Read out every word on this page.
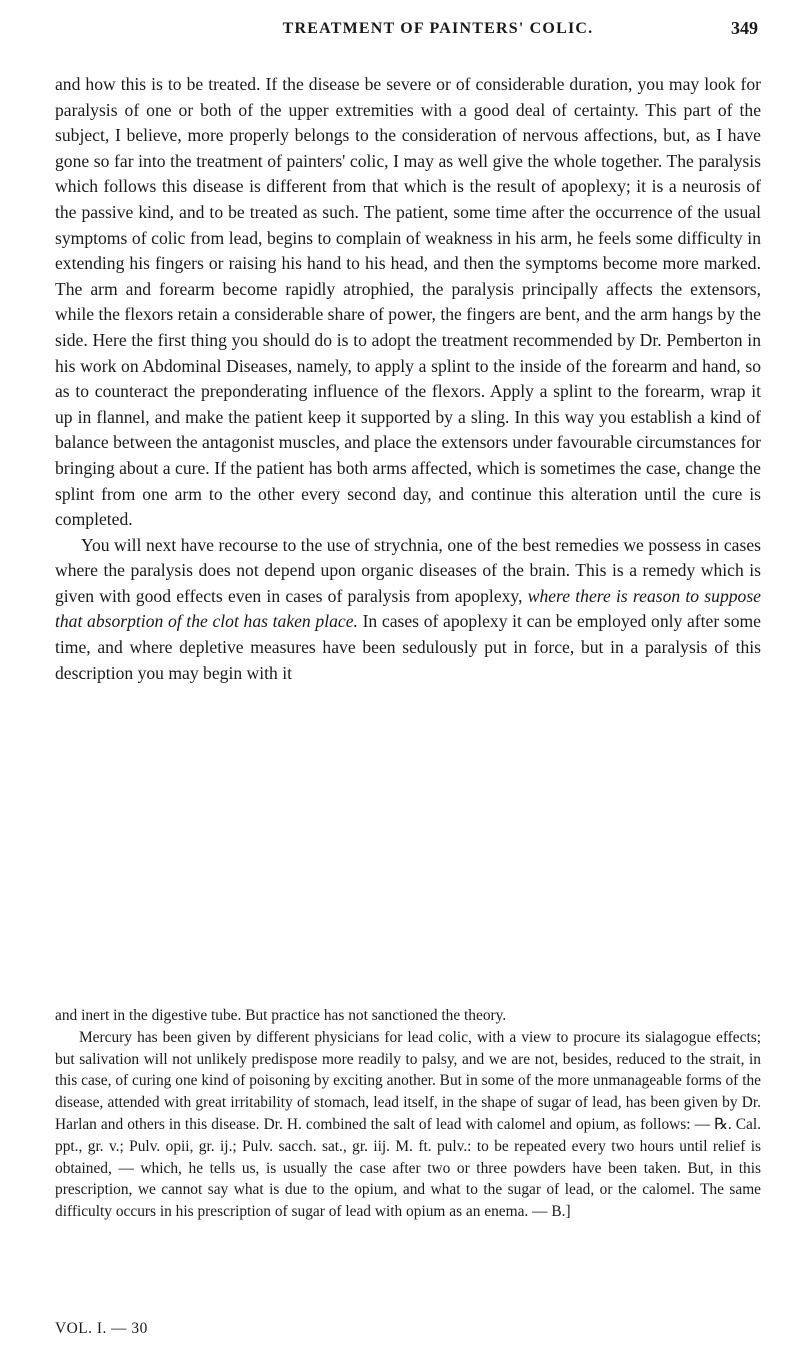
TREATMENT OF PAINTERS' COLIC.	349

and how this is to be treated. If the disease be severe or of considerable duration, you may look for paralysis of one or both of the upper extremities with a good deal of certainty. This part of the subject, I believe, more properly belongs to the consideration of nervous affections, but, as I have gone so far into the treatment of painters' colic, I may as well give the whole together. The paralysis which follows this disease is different from that which is the result of apoplexy; it is a neurosis of the passive kind, and to be treated as such. The patient, some time after the occurrence of the usual symptoms of colic from lead, begins to complain of weakness in his arm, he feels some difficulty in extending his fingers or raising his hand to his head, and then the symptoms become more marked. The arm and forearm become rapidly atrophied, the paralysis principally affects the extensors, while the flexors retain a considerable share of power, the fingers are bent, and the arm hangs by the side. Here the first thing you should do is to adopt the treatment recommended by Dr. Pemberton in his work on Abdominal Diseases, namely, to apply a splint to the inside of the forearm and hand, so as to counteract the preponderating influence of the flexors. Apply a splint to the forearm, wrap it up in flannel, and make the patient keep it supported by a sling. In this way you establish a kind of balance between the antagonist muscles, and place the extensors under favourable circumstances for bringing about a cure. If the patient has both arms affected, which is sometimes the case, change the splint from one arm to the other every second day, and continue this alteration until the cure is completed.

You will next have recourse to the use of strychnia, one of the best remedies we possess in cases where the paralysis does not depend upon organic diseases of the brain. This is a remedy which is given with good effects even in cases of paralysis from apoplexy, where there is reason to suppose that absorption of the clot has taken place. In cases of apoplexy it can be employed only after some time, and where depletive measures have been sedulously put in force, but in a paralysis of this description you may begin with it

and inert in the digestive tube. But practice has not sanctioned the theory.

Mercury has been given by different physicians for lead colic, with a view to procure its sialagogue effects; but salivation will not unlikely predispose more readily to palsy, and we are not, besides, reduced to the strait, in this case, of curing one kind of poisoning by exciting another. But in some of the more unmanageable forms of the disease, attended with great irritability of stomach, lead itself, in the shape of sugar of lead, has been given by Dr. Harlan and others in this disease. Dr. H. combined the salt of lead with calomel and opium, as follows: — ℞. Cal. ppt., gr. v.; Pulv. opii, gr. ij.; Pulv. sacch. sat., gr. iij. M. ft. pulv.: to be repeated every two hours until relief is obtained, — which, he tells us, is usually the case after two or three powders have been taken. But, in this prescription, we cannot say what is due to the opium, and what to the sugar of lead, or the calomel. The same difficulty occurs in his prescription of sugar of lead with opium as an enema. — B.]

VOL. I. — 30
